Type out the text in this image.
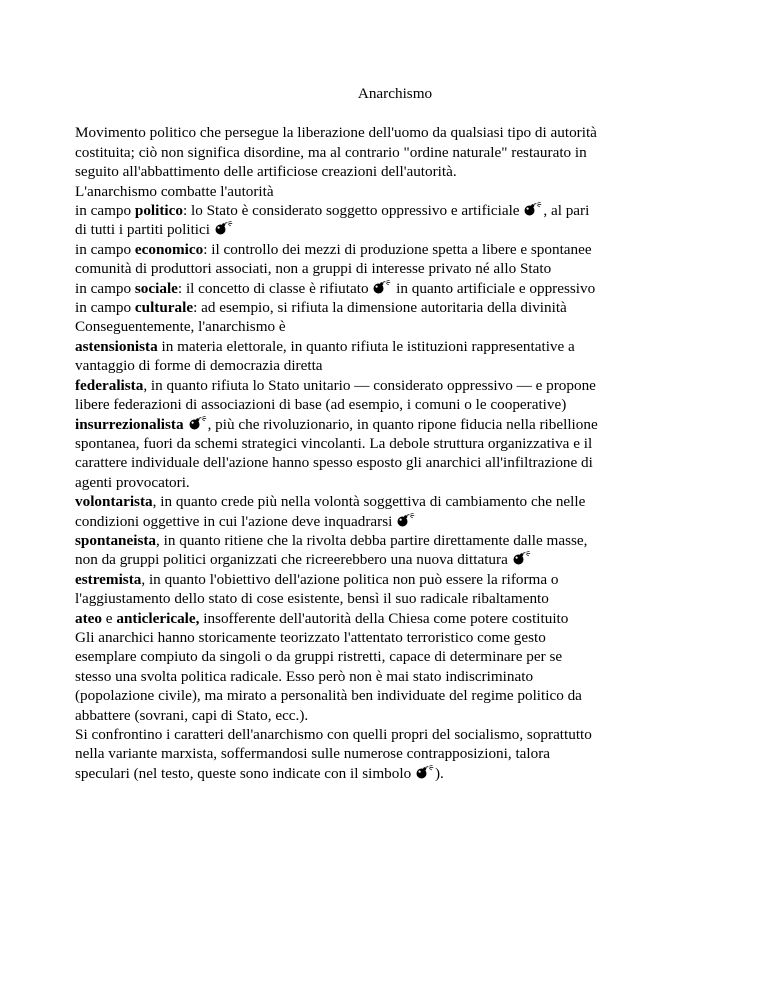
Anarchismo
Movimento politico che persegue la liberazione dell'uomo da qualsiasi tipo di autorità
costituita; ciò non significa disordine, ma al contrario "ordine naturale" restaurato in
seguito all'abbattimento delle artificiose creazioni dell'autorità.
L'anarchismo combatte l'autorità
in campo politico: lo Stato è considerato soggetto oppressivo e artificiale
, al pari
di tutti i partiti politici
in campo economico: il controllo dei mezzi di produzione spetta a libere e spontanee
comunità di produttori associati, non a gruppi di interesse privato né allo Stato
in campo sociale: il concetto di classe è rifiutato
in quanto artificiale e oppressivo
in campo culturale: ad esempio, si rifiuta la dimensione autoritaria della divinità
Conseguentemente, l'anarchismo è
astensionista in materia elettorale, in quanto rifiuta le istituzioni rappresentative a
vantaggio di forme di democrazia diretta
federalista, in quanto rifiuta lo Stato unitario — considerato oppressivo — e propone
libere federazioni di associazioni di base (ad esempio, i comuni o le cooperative)
insurrezionalista , più che rivoluzionario, in quanto ripone fiducia nella ribellione
spontanea, fuori da schemi strategici vincolanti. La debole struttura organizzativa e il
carattere individuale dell'azione hanno spesso esposto gli anarchici all'infiltrazione di
agenti provocatori.
volontarista, in quanto crede più nella volontà soggettiva di cambiamento che nelle
condizioni oggettive in cui l'azione deve inquadrarsi
spontaneista, in quanto ritiene che la rivolta debba partire direttamente dalle masse,
non da gruppi politici organizzati che ricreerebbero una nuova dittatura
estremista, in quanto l'obiettivo dell'azione politica non può essere la riforma o
l'aggiustamento dello stato di cose esistente, bensì il suo radicale ribaltamento
ateo e anticlericale, insofferente dell'autorità della Chiesa come potere costituito
Gli anarchici hanno storicamente teorizzato l'attentato terroristico come gesto
esemplare compiuto da singoli o da gruppi ristretti, capace di determinare per se
stesso una svolta politica radicale. Esso però non è mai stato indiscriminato
(popolazione civile), ma mirato a personalità ben individuate del regime politico da
abbattere (sovrani, capi di Stato, ecc.).
Si confrontino i caratteri dell'anarchismo con quelli propri del socialismo, soprattutto
nella variante marxista, soffermandosi sulle numerose contrapposizioni, talora
speculari (nel testo, queste sono indicate con il simbolo
).
